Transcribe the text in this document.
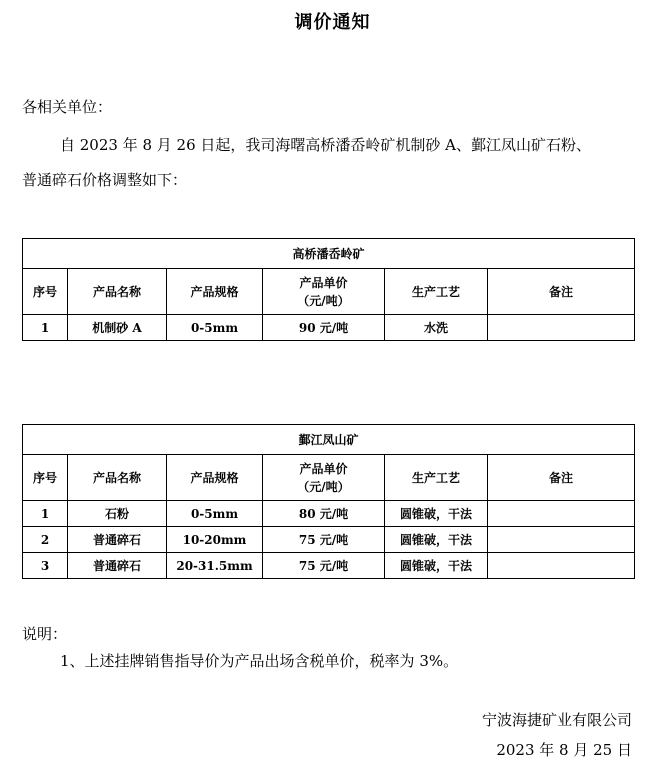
调价通知
各相关单位：
自 2023 年 8 月 26 日起，我司海曙高桥潘岙岭矿机制砂 A、鄞江凤山矿石粉、
普通碎石价格调整如下：
高桥潘岙岭矿					
序号	产品名称	产品规格	产品单价
（元/吨）	生产工艺	备注
1	机制砂 A	0-5mm	90 元/吨	水洗	
鄞江凤山矿					
序号	产品名称	产品规格	产品单价
（元/吨）	生产工艺	备注
1	石粉	0-5mm	80 元/吨	圆锥破，干法	
2	普通碎石	10-20mm	75 元/吨	圆锥破，干法	
3	普通碎石	20-31.5mm	75 元/吨	圆锥破，干法	
说明：
1、上述挂牌销售指导价为产品出场含税单价，税率为 3%。
宁波海捷矿业有限公司
2023 年 8 月 25 日
